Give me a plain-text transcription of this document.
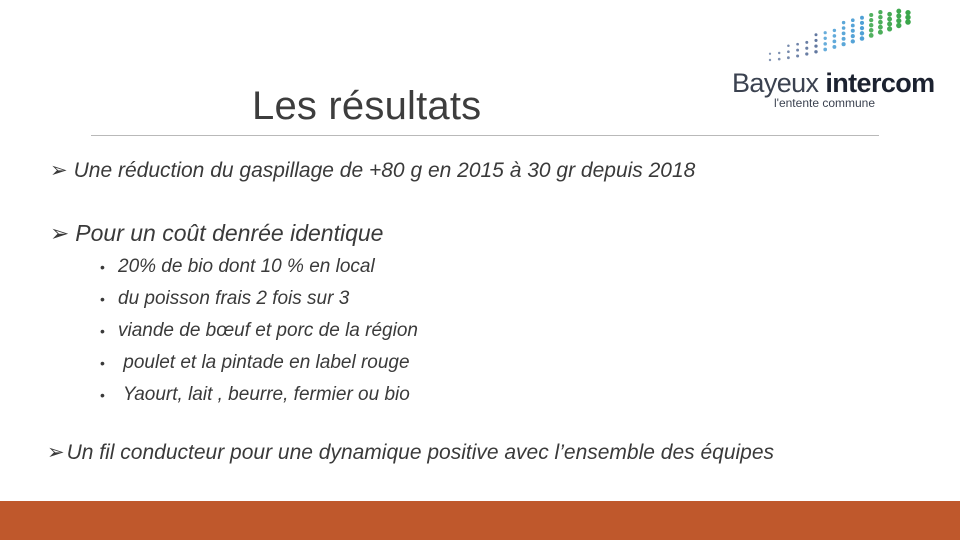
Les résultats
Bayeux intercom
l'entente commune
➢ Une réduction du gaspillage de +80 g en 2015 à 30 gr depuis 2018
➢ Pour un coût denrée identique
• 20% de bio dont 10 % en local
• du poisson frais 2 fois sur 3
• viande de bœuf et porc de la région
• poulet et la pintade en label rouge
• Yaourt, lait , beurre, fermier ou bio
➢Un fil conducteur pour une dynamique positive avec l’ensemble des équipes
